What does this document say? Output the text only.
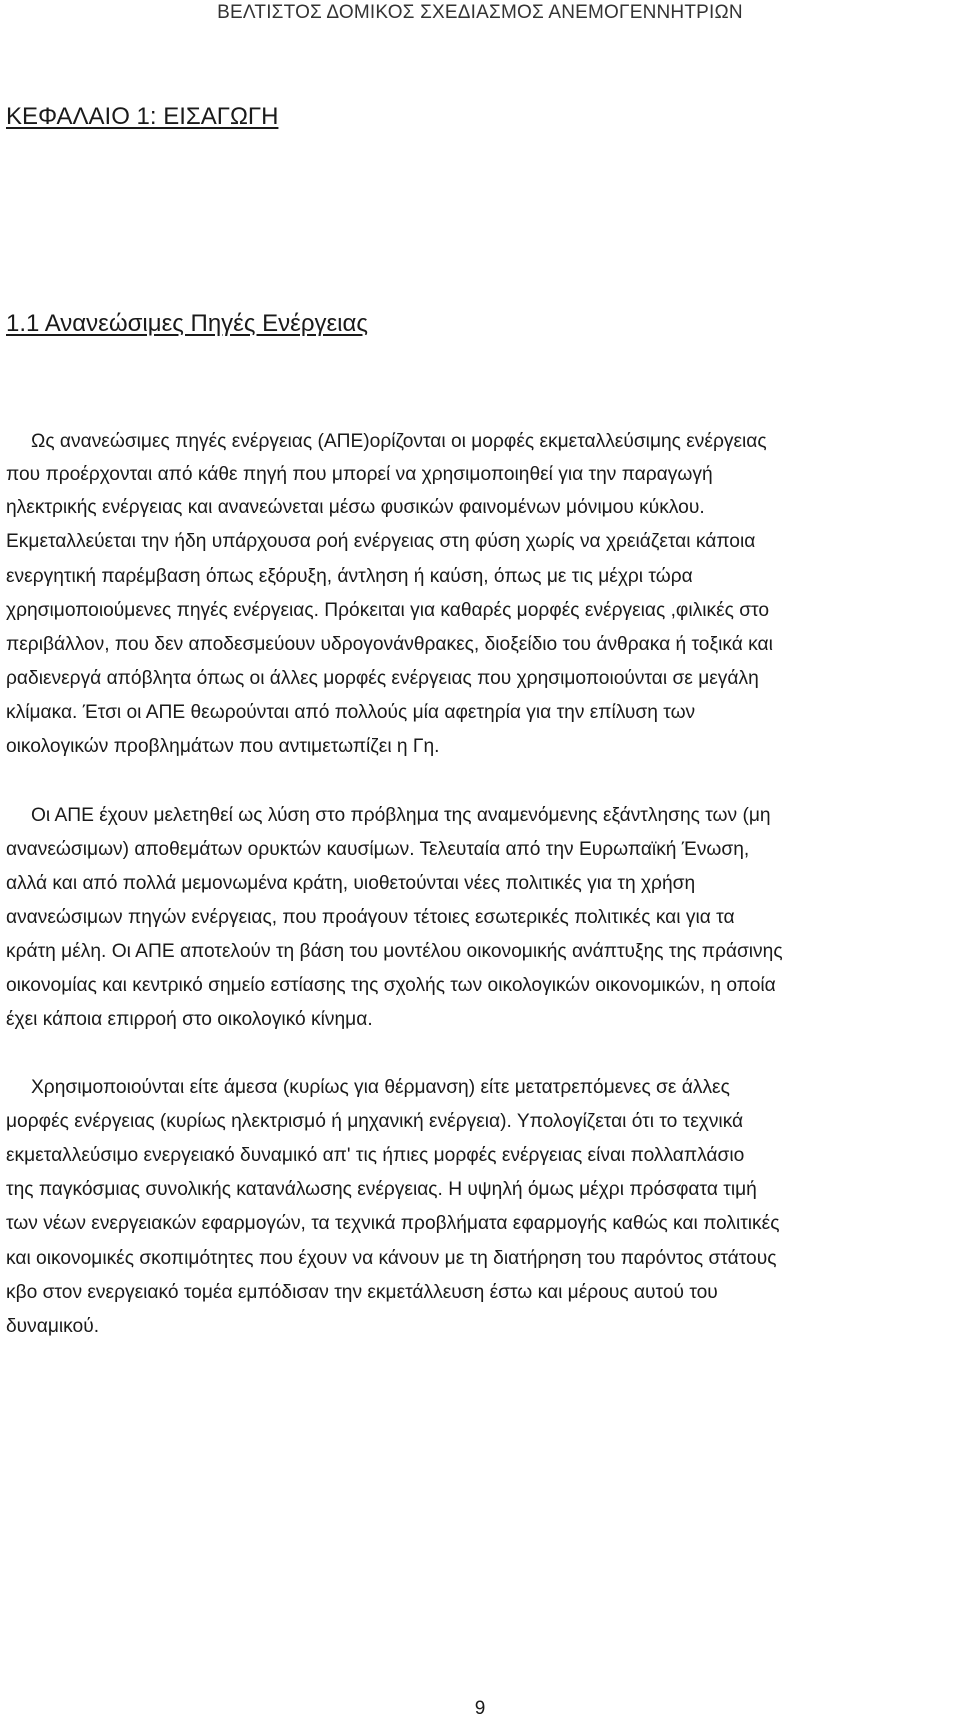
ΒΕΛΤΙΣΤΟΣ ΔΟΜΙΚΟΣ ΣΧΕΔΙΑΣΜΟΣ ΑΝΕΜΟΓΕΝΝΗΤΡΙΩΝ
ΚΕΦΑΛΑΙΟ 1: ΕΙΣΑΓΩΓΗ
1.1 Ανανεώσιμες Πηγές Ενέργειας
Ως ανανεώσιμες πηγές ενέργειας (ΑΠΕ)ορίζονται οι μορφές εκμεταλλεύσιμης ενέργειας
που προέρχονται από κάθε πηγή που μπορεί να χρησιμοποιηθεί για την παραγωγή
ηλεκτρικής ενέργειας και ανανεώνεται μέσω φυσικών φαινομένων μόνιμου κύκλου.
Εκμεταλλεύεται την ήδη υπάρχουσα ροή ενέργειας στη φύση χωρίς να χρειάζεται κάποια
ενεργητική παρέμβαση όπως εξόρυξη, άντληση ή καύση, όπως με τις μέχρι τώρα
χρησιμοποιούμενες πηγές ενέργειας. Πρόκειται για καθαρές μορφές ενέργειας ,φιλικές στο
περιβάλλον, που δεν αποδεσμεύουν υδρογονάνθρακες, διοξείδιο του άνθρακα ή τοξικά και
ραδιενεργά απόβλητα όπως οι άλλες μορφές ενέργειας που χρησιμοποιούνται σε μεγάλη
κλίμακα. Έτσι οι ΑΠΕ θεωρούνται από πολλούς μία αφετηρία για την επίλυση των
οικολογικών προβλημάτων που αντιμετωπίζει η Γη.
Οι ΑΠΕ έχουν μελετηθεί ως λύση στο πρόβλημα της αναμενόμενης εξάντλησης των (μη
ανανεώσιμων) αποθεμάτων ορυκτών καυσίμων. Τελευταία από την Ευρωπαϊκή Ένωση,
αλλά και από πολλά μεμονωμένα κράτη, υιοθετούνται νέες πολιτικές για τη χρήση
ανανεώσιμων πηγών ενέργειας, που προάγουν τέτοιες εσωτερικές πολιτικές και για τα
κράτη μέλη. Οι ΑΠΕ αποτελούν τη βάση του μοντέλου οικονομικής ανάπτυξης της πράσινης
οικονομίας και κεντρικό σημείο εστίασης της σχολής των οικολογικών οικονομικών, η οποία
έχει κάποια επιρροή στο οικολογικό κίνημα.
Χρησιμοποιούνται είτε άμεσα (κυρίως για θέρμανση) είτε μετατρεπόμενες σε άλλες
μορφές ενέργειας (κυρίως ηλεκτρισμό ή μηχανική ενέργεια). Υπολογίζεται ότι το τεχνικά
εκμεταλλεύσιμο ενεργειακό δυναμικό απ' τις ήπιες μορφές ενέργειας είναι πολλαπλάσιο
της παγκόσμιας συνολικής κατανάλωσης ενέργειας. Η υψηλή όμως μέχρι πρόσφατα τιμή
των νέων ενεργειακών εφαρμογών, τα τεχνικά προβλήματα εφαρμογής καθώς και πολιτικές
και οικονομικές σκοπιμότητες που έχουν να κάνουν με τη διατήρηση του παρόντος στάτους
κβο στον ενεργειακό τομέα εμπόδισαν την εκμετάλλευση έστω και μέρους αυτού του
δυναμικού.
9
